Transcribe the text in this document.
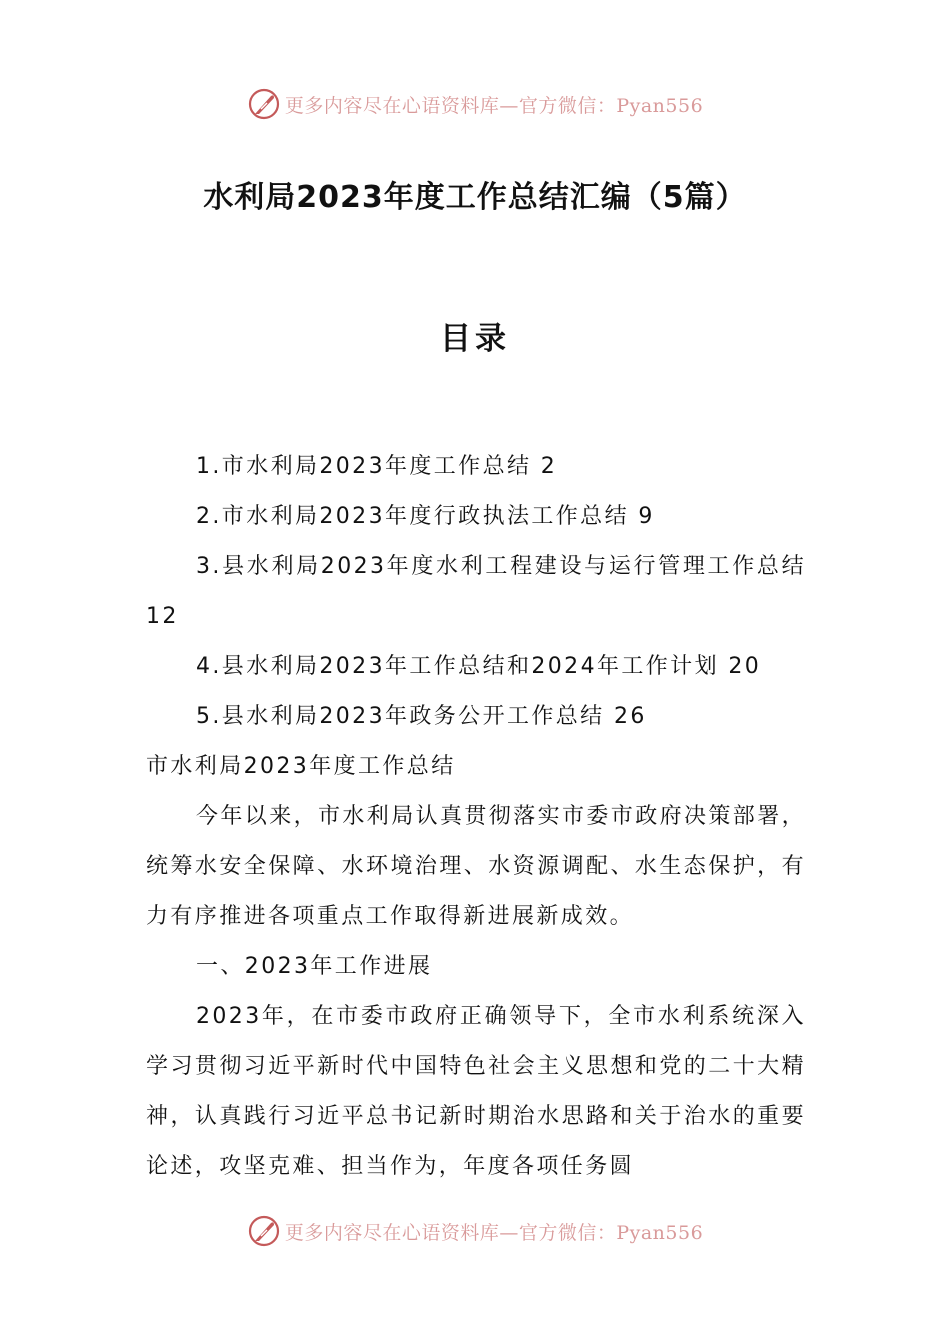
更多内容尽在心语资料库—官方微信：Pyan556
水利局2023年度工作总结汇编（5篇）
目录

1.市水利局2023年度工作总结 2

2.市水利局2023年度行政执法工作总结 9

3.县水利局2023年度水利工程建设与运行管理工作总结 12

4.县水利局2023年工作总结和2024年工作计划 20

5.县水利局2023年政务公开工作总结 26

市水利局2023年度工作总结

今年以来，市水利局认真贯彻落实市委市政府决策部署，统筹水安全保障、水环境治理、水资源调配、水生态保护，有力有序推进各项重点工作取得新进展新成效。

一、2023年工作进展

2023年，在市委市政府正确领导下，全市水利系统深入学习贯彻习近平新时代中国特色社会主义思想和党的二十大精神，认真践行习近平总书记新时期治水思路和关于治水的重要论述，攻坚克难、担当作为，年度各项任务圆

更多内容尽在心语资料库—官方微信：Pyan556
